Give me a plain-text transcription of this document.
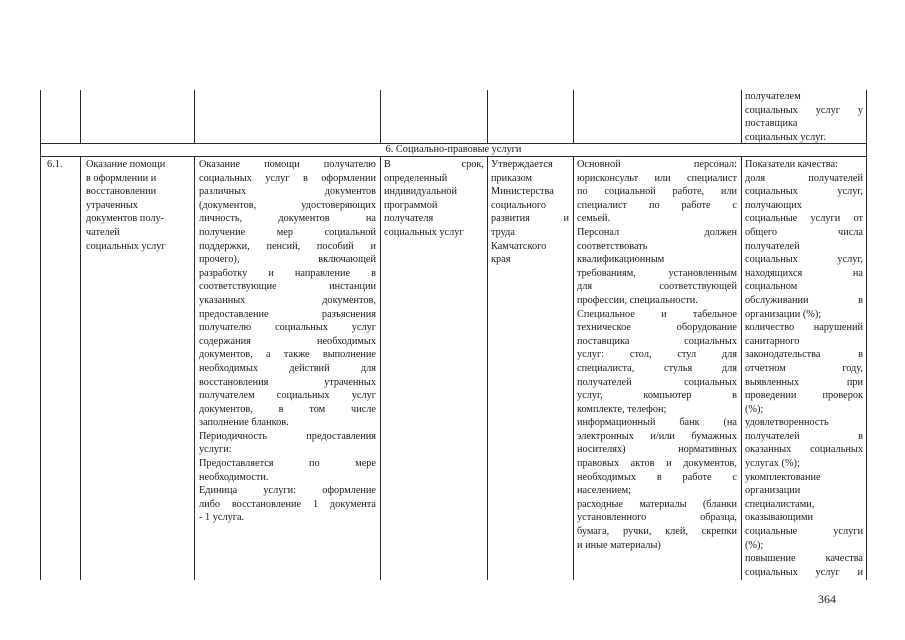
получателем
социальных услуг у
поставщика
социальных услуг.
6. Социально-правовые услуги
6.1.	Оказание помощи
в оформлении и
восстановлении
утраченных
документов полу-
чателей
социальных услуг
Оказание помощи получателю
социальных услуг в оформлении
различных документов
(документов, удостоверяющих
личность, документов на
получение мер социальной
поддержки, пенсий, пособий и
прочего), включающей
разработку и направление в
соответствующие инстанции
указанных документов,
предоставление разъяснения
получателю социальных услуг
содержания необходимых
документов, а также выполнение
необходимых действий для
восстановления утраченных
получателем социальных услуг
документов, в том числе
заполнение бланков.
Периодичность предоставления
услуги:
Предоставляется по мере
необходимости.
Единица услуги: оформление
либо восстановление 1 документа
- 1 услуга.
В срок,
определенный
индивидуальной
программой
получателя
социальных услуг
Утверждается
приказом
Министерства
социального
развития и
труда
Камчатского
края
Основной персонал:
юрисконсульт или специалист
по социальной работе, или
специалист по работе с
семьей.
Персонал должен
соответствовать
квалификационным
требованиям, установленным
для соответствующей
профессии, специальности.
Специальное и табельное
техническое оборудование
поставщика социальных
услуг: стол, стул для
специалиста, стулья для
получателей социальных
услуг, компьютер в
комплекте, телефон;
информационный банк (на
электронных и/или бумажных
носителях) нормативных
правовых актов и документов,
необходимых в работе с
населением;
расходные материалы (бланки
установленного образца,
бумага, ручки, клей, скрепки
и иные материалы)
Показатели качества:
доля получателей
социальных услуг,
получающих
социальные услуги от
общего числа
получателей
социальных услуг,
находящихся на
социальном
обслуживании в
организации (%);
количество нарушений
санитарного
законодательства в
отчетном году,
выявленных при
проведении проверок
(%);
удовлетворенность
получателей в
оказанных социальных
услугах (%);
укомплектование
организации
специалистами,
оказывающими
социальные услуги
(%);
повышение качества
социальных услуг и
364
